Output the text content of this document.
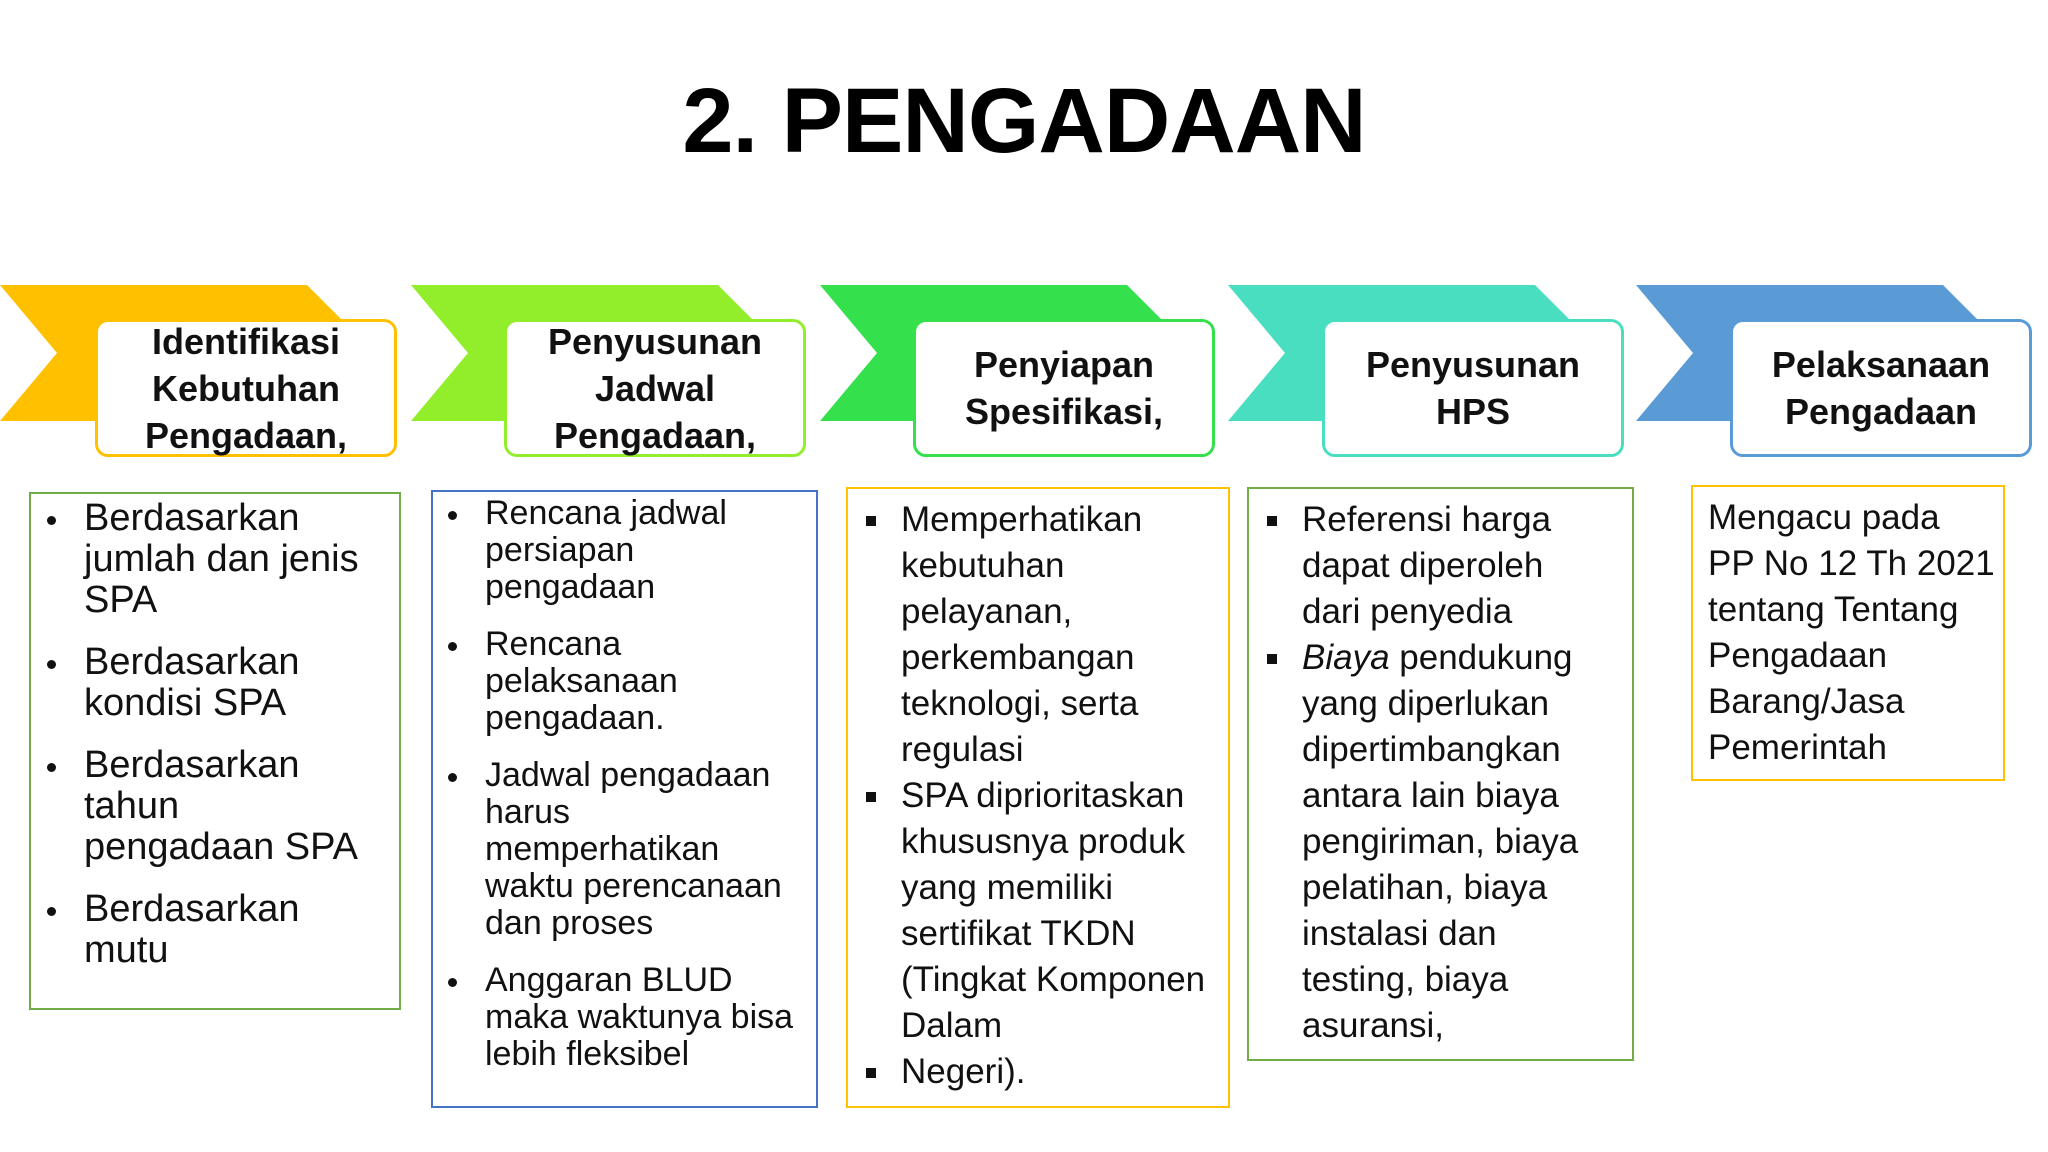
2. PENGADAAN
Identifikasi
Kebutuhan
Pengadaan,
Penyusunan
Jadwal
Pengadaan,
Penyiapan
Spesifikasi,
Penyusunan
HPS
Pelaksanaan
Pengadaan
Berdasarkan
jumlah dan jenis
SPA
Berdasarkan
kondisi SPA
Berdasarkan
tahun
pengadaan SPA
Berdasarkan
mutu
Rencana jadwal
persiapan
pengadaan
Rencana
pelaksanaan
pengadaan.
Jadwal pengadaan
harus
memperhatikan
waktu perencanaan
dan proses
Anggaran BLUD
maka waktunya bisa
lebih fleksibel
Memperhatikan
kebutuhan
pelayanan,
perkembangan
teknologi, serta
regulasi
SPA diprioritaskan
khususnya produk
yang memiliki
sertifikat TKDN
(Tingkat Komponen
Dalam
Negeri).
Referensi harga
dapat diperoleh
dari penyedia
Biaya pendukung
yang diperlukan
dipertimbangkan
antara lain biaya
pengiriman, biaya
pelatihan, biaya
instalasi dan
testing, biaya
asuransi,
Mengacu pada
PP No 12 Th 2021
tentang Tentang
Pengadaan
Barang/Jasa
Pemerintah
